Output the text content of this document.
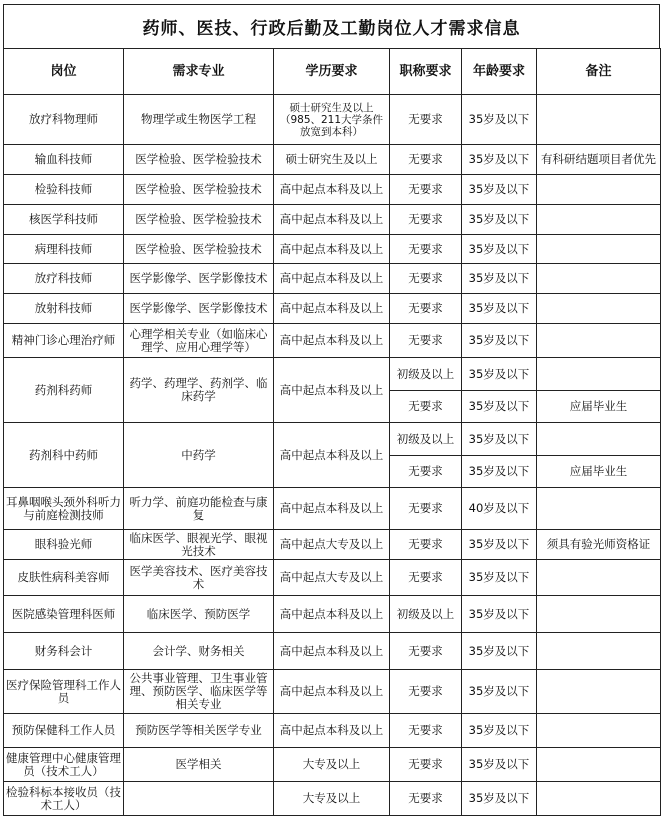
药师、医技、行政后勤及工勤岗位人才需求信息
岗位	需求专业	学历要求	职称要求	年龄要求	备注
放疗科物理师	物理学或生物医学工程	硕士研究生及以上（985、211大学条件放宽到本科）	无要求	35岁及以下	
输血科技师	医学检验、医学检验技术	硕士研究生及以上	无要求	35岁及以下	有科研结题项目者优先
检验科技师	医学检验、医学检验技术	高中起点本科及以上	无要求	35岁及以下	
核医学科技师	医学检验、医学检验技术	高中起点本科及以上	无要求	35岁及以下	
病理科技师	医学检验、医学检验技术	高中起点本科及以上	无要求	35岁及以下	
放疗科技师	医学影像学、医学影像技术	高中起点本科及以上	无要求	35岁及以下	
放射科技师	医学影像学、医学影像技术	高中起点本科及以上	无要求	35岁及以下	
精神门诊心理治疗师	心理学相关专业（如临床心理学、应用心理学等）	高中起点本科及以上	无要求	35岁及以下	
药剂科药师	药学、药理学、药剂学、临床药学	高中起点本科及以上	初级及以上	35岁及以下	
			无要求	35岁及以下	应届毕业生
药剂科中药师	中药学	高中起点本科及以上	初级及以上	35岁及以下	
			无要求	35岁及以下	应届毕业生
耳鼻咽喉头颈外科听力与前庭检测技师	听力学、前庭功能检查与康复	高中起点本科及以上	无要求	40岁及以下	
眼科验光师	临床医学、眼视光学、眼视光技术	高中起点大专及以上	无要求	35岁及以下	须具有验光师资格证
皮肤性病科美容师	医学美容技术、医疗美容技术	高中起点大专及以上	无要求	35岁及以下	
医院感染管理科医师	临床医学、预防医学	高中起点本科及以上	初级及以上	35岁及以下	
财务科会计	会计学、财务相关	高中起点本科及以上	无要求	35岁及以下	
医疗保险管理科工作人员	公共事业管理、卫生事业管理、预防医学、临床医学等相关专业	高中起点本科及以上	无要求	35岁及以下	
预防保健科工作人员	预防医学等相关医学专业	高中起点本科及以上	无要求	35岁及以下	
健康管理中心健康管理员（技术工人）	医学相关	大专及以上	无要求	35岁及以下	
检验科标本接收员（技术工人）		大专及以上	无要求	35岁及以下	
